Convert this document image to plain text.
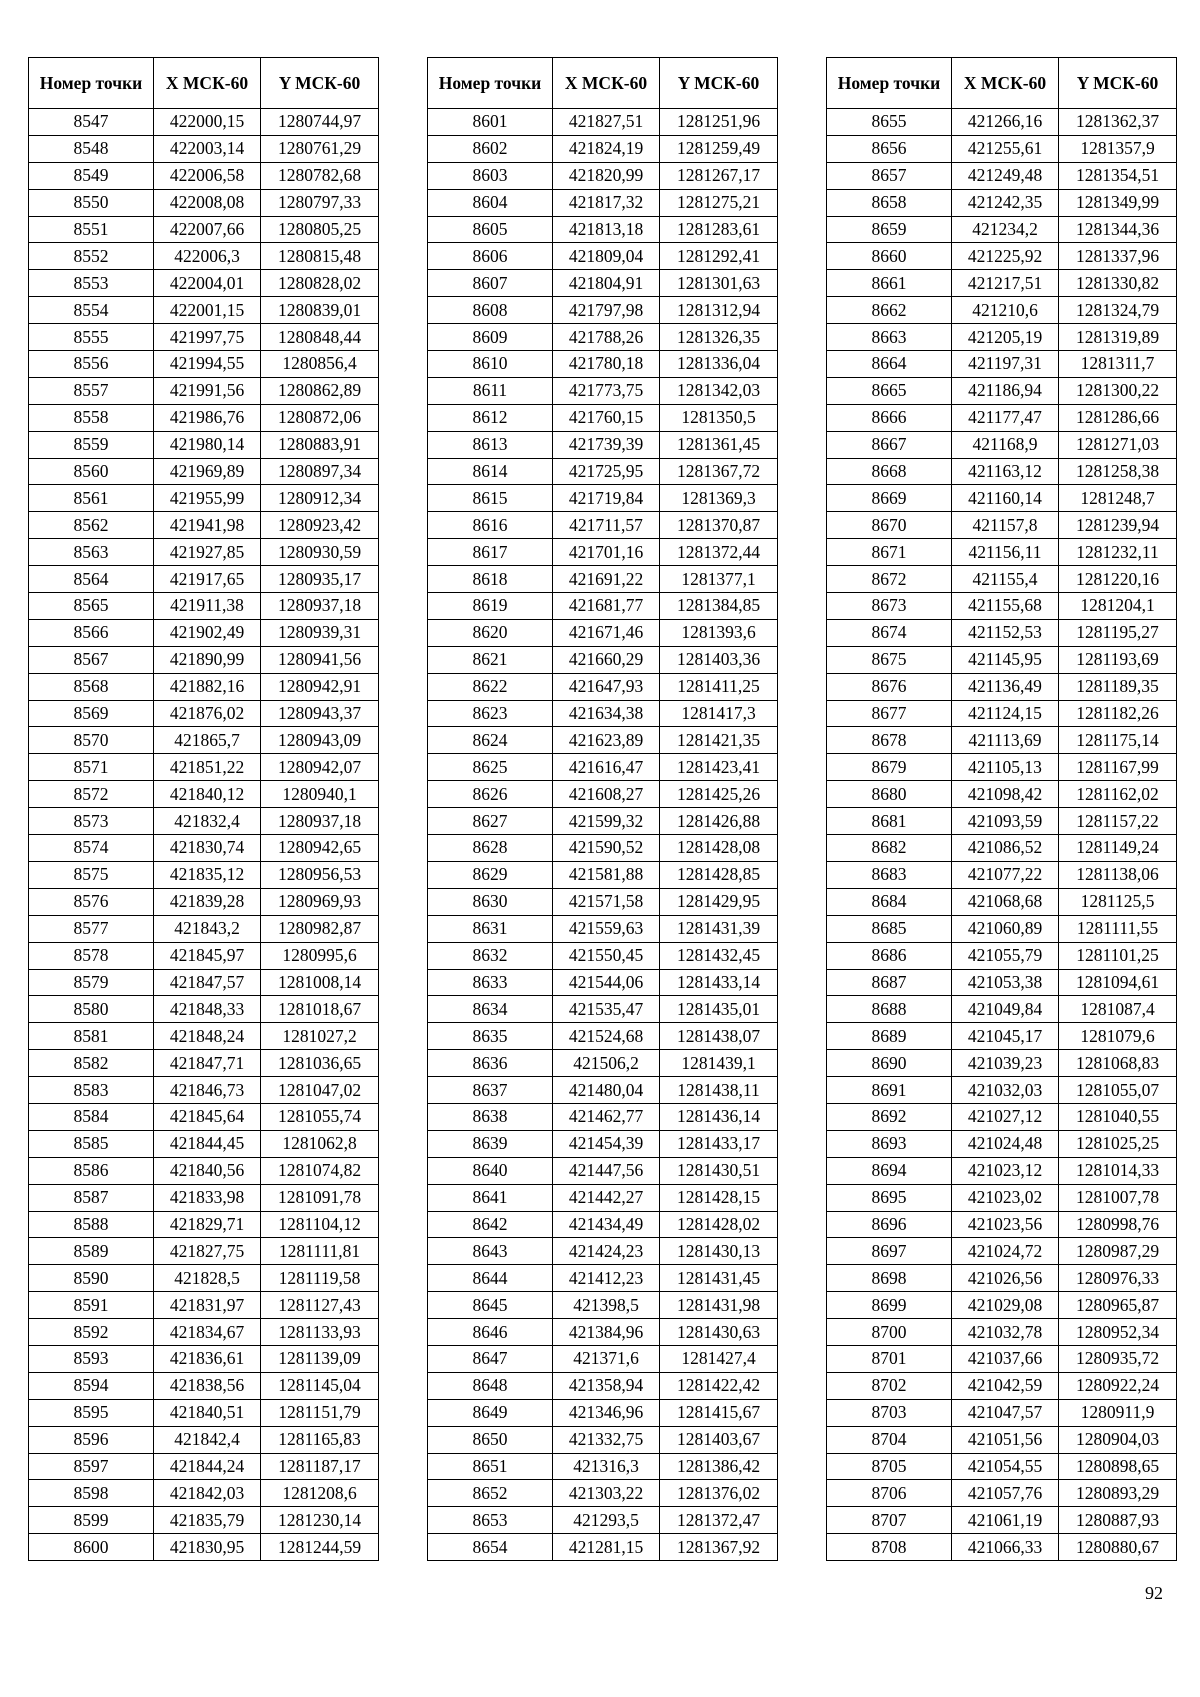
Номер точки	X МСК-60	Y МСК-60
8547	422000,15	1280744,97
8548	422003,14	1280761,29
8549	422006,58	1280782,68
8550	422008,08	1280797,33
8551	422007,66	1280805,25
8552	422006,3	1280815,48
8553	422004,01	1280828,02
8554	422001,15	1280839,01
8555	421997,75	1280848,44
8556	421994,55	1280856,4
8557	421991,56	1280862,89
8558	421986,76	1280872,06
8559	421980,14	1280883,91
8560	421969,89	1280897,34
8561	421955,99	1280912,34
8562	421941,98	1280923,42
8563	421927,85	1280930,59
8564	421917,65	1280935,17
8565	421911,38	1280937,18
8566	421902,49	1280939,31
8567	421890,99	1280941,56
8568	421882,16	1280942,91
8569	421876,02	1280943,37
8570	421865,7	1280943,09
8571	421851,22	1280942,07
8572	421840,12	1280940,1
8573	421832,4	1280937,18
8574	421830,74	1280942,65
8575	421835,12	1280956,53
8576	421839,28	1280969,93
8577	421843,2	1280982,87
8578	421845,97	1280995,6
8579	421847,57	1281008,14
8580	421848,33	1281018,67
8581	421848,24	1281027,2
8582	421847,71	1281036,65
8583	421846,73	1281047,02
8584	421845,64	1281055,74
8585	421844,45	1281062,8
8586	421840,56	1281074,82
8587	421833,98	1281091,78
8588	421829,71	1281104,12
8589	421827,75	1281111,81
8590	421828,5	1281119,58
8591	421831,97	1281127,43
8592	421834,67	1281133,93
8593	421836,61	1281139,09
8594	421838,56	1281145,04
8595	421840,51	1281151,79
8596	421842,4	1281165,83
8597	421844,24	1281187,17
8598	421842,03	1281208,6
8599	421835,79	1281230,14
8600	421830,95	1281244,59
Номер точки	X МСК-60	Y МСК-60
8601	421827,51	1281251,96
8602	421824,19	1281259,49
8603	421820,99	1281267,17
8604	421817,32	1281275,21
8605	421813,18	1281283,61
8606	421809,04	1281292,41
8607	421804,91	1281301,63
8608	421797,98	1281312,94
8609	421788,26	1281326,35
8610	421780,18	1281336,04
8611	421773,75	1281342,03
8612	421760,15	1281350,5
8613	421739,39	1281361,45
8614	421725,95	1281367,72
8615	421719,84	1281369,3
8616	421711,57	1281370,87
8617	421701,16	1281372,44
8618	421691,22	1281377,1
8619	421681,77	1281384,85
8620	421671,46	1281393,6
8621	421660,29	1281403,36
8622	421647,93	1281411,25
8623	421634,38	1281417,3
8624	421623,89	1281421,35
8625	421616,47	1281423,41
8626	421608,27	1281425,26
8627	421599,32	1281426,88
8628	421590,52	1281428,08
8629	421581,88	1281428,85
8630	421571,58	1281429,95
8631	421559,63	1281431,39
8632	421550,45	1281432,45
8633	421544,06	1281433,14
8634	421535,47	1281435,01
8635	421524,68	1281438,07
8636	421506,2	1281439,1
8637	421480,04	1281438,11
8638	421462,77	1281436,14
8639	421454,39	1281433,17
8640	421447,56	1281430,51
8641	421442,27	1281428,15
8642	421434,49	1281428,02
8643	421424,23	1281430,13
8644	421412,23	1281431,45
8645	421398,5	1281431,98
8646	421384,96	1281430,63
8647	421371,6	1281427,4
8648	421358,94	1281422,42
8649	421346,96	1281415,67
8650	421332,75	1281403,67
8651	421316,3	1281386,42
8652	421303,22	1281376,02
8653	421293,5	1281372,47
8654	421281,15	1281367,92
Номер точки	X МСК-60	Y МСК-60
8655	421266,16	1281362,37
8656	421255,61	1281357,9
8657	421249,48	1281354,51
8658	421242,35	1281349,99
8659	421234,2	1281344,36
8660	421225,92	1281337,96
8661	421217,51	1281330,82
8662	421210,6	1281324,79
8663	421205,19	1281319,89
8664	421197,31	1281311,7
8665	421186,94	1281300,22
8666	421177,47	1281286,66
8667	421168,9	1281271,03
8668	421163,12	1281258,38
8669	421160,14	1281248,7
8670	421157,8	1281239,94
8671	421156,11	1281232,11
8672	421155,4	1281220,16
8673	421155,68	1281204,1
8674	421152,53	1281195,27
8675	421145,95	1281193,69
8676	421136,49	1281189,35
8677	421124,15	1281182,26
8678	421113,69	1281175,14
8679	421105,13	1281167,99
8680	421098,42	1281162,02
8681	421093,59	1281157,22
8682	421086,52	1281149,24
8683	421077,22	1281138,06
8684	421068,68	1281125,5
8685	421060,89	1281111,55
8686	421055,79	1281101,25
8687	421053,38	1281094,61
8688	421049,84	1281087,4
8689	421045,17	1281079,6
8690	421039,23	1281068,83
8691	421032,03	1281055,07
8692	421027,12	1281040,55
8693	421024,48	1281025,25
8694	421023,12	1281014,33
8695	421023,02	1281007,78
8696	421023,56	1280998,76
8697	421024,72	1280987,29
8698	421026,56	1280976,33
8699	421029,08	1280965,87
8700	421032,78	1280952,34
8701	421037,66	1280935,72
8702	421042,59	1280922,24
8703	421047,57	1280911,9
8704	421051,56	1280904,03
8705	421054,55	1280898,65
8706	421057,76	1280893,29
8707	421061,19	1280887,93
8708	421066,33	1280880,67
92
